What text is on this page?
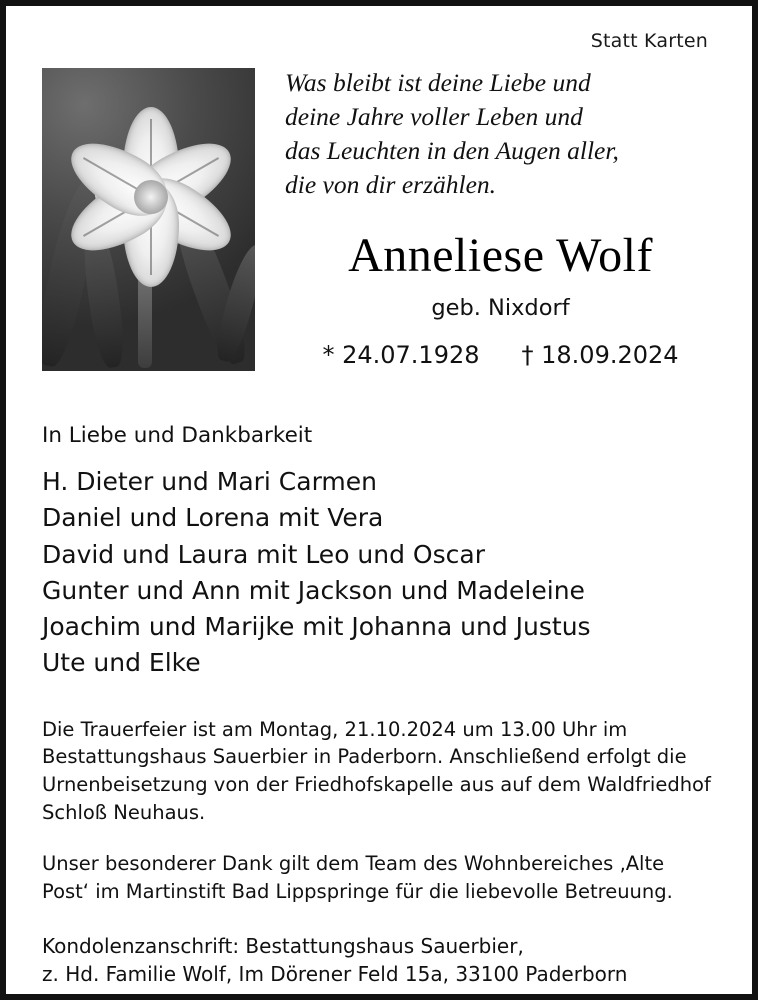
Statt Karten
Was bleibt ist deine Liebe und
deine Jahre voller Leben und
das Leuchten in den Augen aller,
die von dir erzählen.
Anneliese Wolf
geb. Nixdorf
* 24.07.1928 † 18.09.2024
In Liebe und Dankbarkeit
H. Dieter und Mari Carmen
Daniel und Lorena mit Vera
David und Laura mit Leo und Oscar
Gunter und Ann mit Jackson und Madeleine
Joachim und Marijke mit Johanna und Justus
Ute und Elke
Die Trauerfeier ist am Montag, 21.10.2024 um 13.00 Uhr im Bestattungshaus Sauerbier in Paderborn. Anschließend erfolgt die Urnenbeisetzung von der Friedhofskapelle aus auf dem Waldfriedhof Schloß Neuhaus.
Unser besonderer Dank gilt dem Team des Wohnbereiches ‚Alte Post‘ im Martinstift Bad Lippspringe für die liebevolle Betreuung.
Kondolenzanschrift: Bestattungshaus Sauerbier,
z. Hd. Familie Wolf, Im Dörener Feld 15a, 33100 Paderborn
